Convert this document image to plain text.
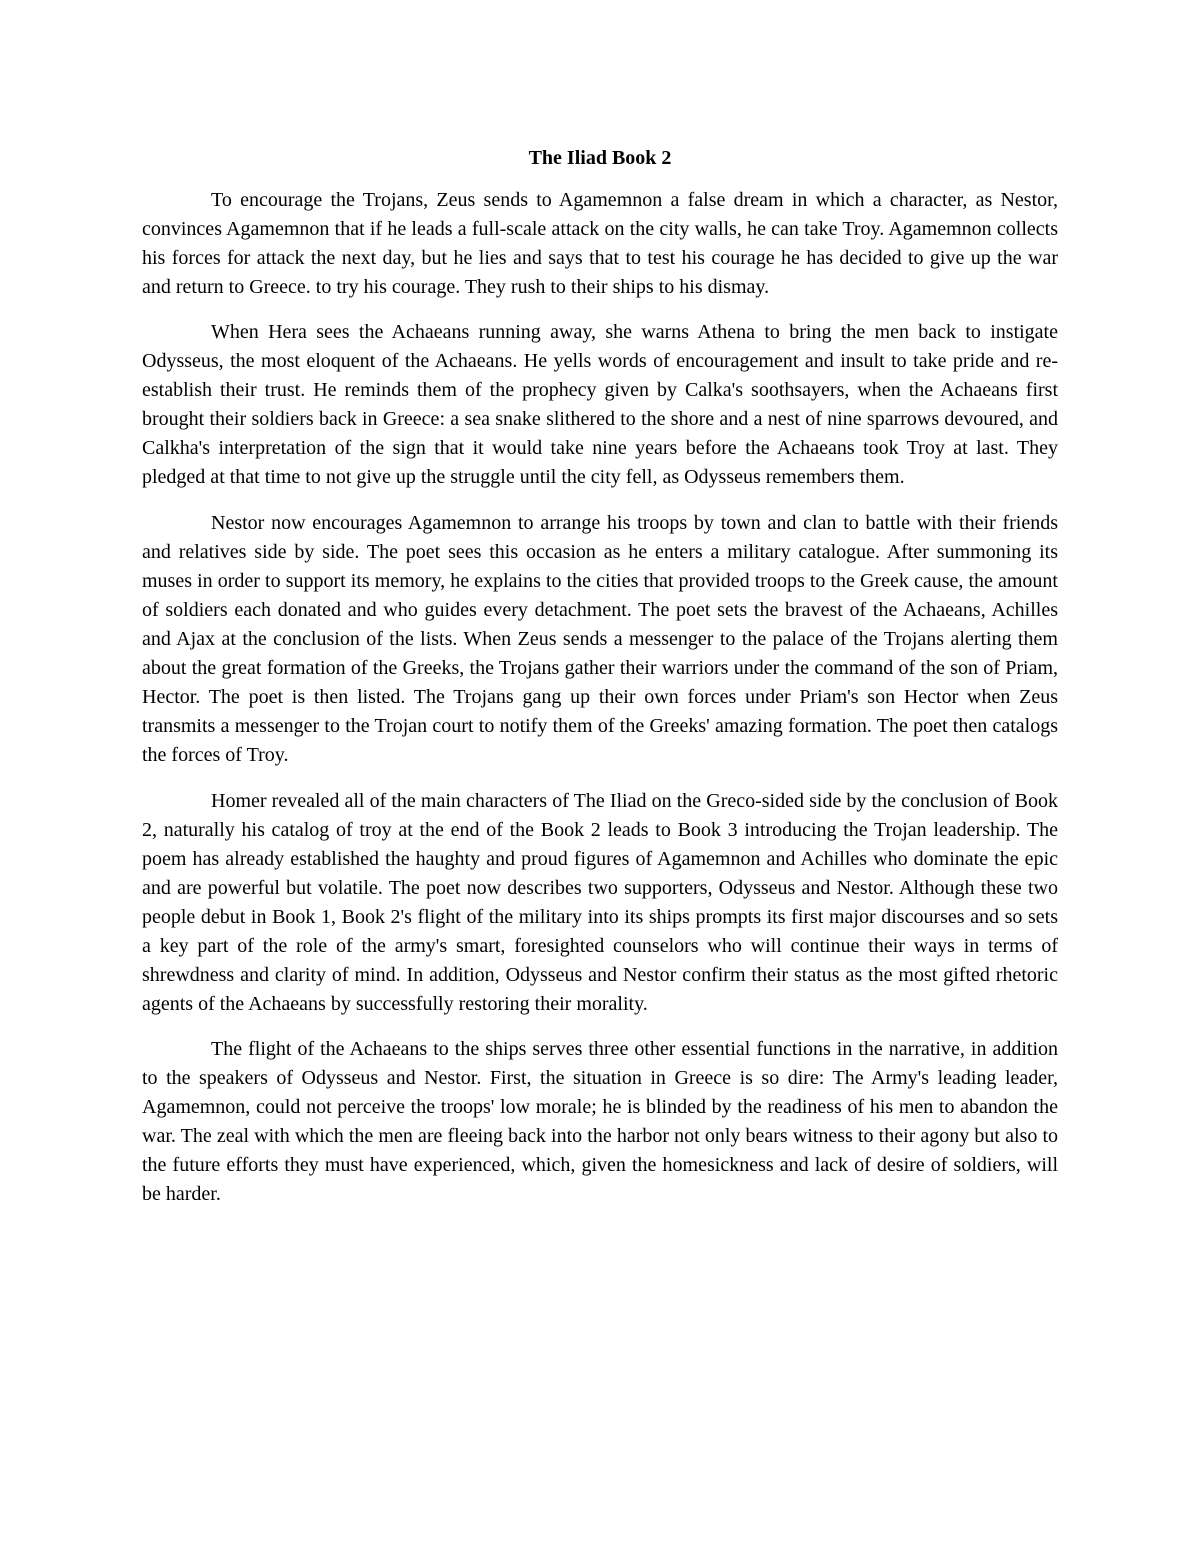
The Iliad Book 2

To encourage the Trojans, Zeus sends to Agamemnon a false dream in which a character, as Nestor, convinces Agamemnon that if he leads a full-scale attack on the city walls, he can take Troy. Agamemnon collects his forces for attack the next day, but he lies and says that to test his courage he has decided to give up the war and return to Greece. to try his courage. They rush to their ships to his dismay.

When Hera sees the Achaeans running away, she warns Athena to bring the men back to instigate Odysseus, the most eloquent of the Achaeans. He yells words of encouragement and insult to take pride and re-establish their trust. He reminds them of the prophecy given by Calka's soothsayers, when the Achaeans first brought their soldiers back in Greece: a sea snake slithered to the shore and a nest of nine sparrows devoured, and Calkha's interpretation of the sign that it would take nine years before the Achaeans took Troy at last. They pledged at that time to not give up the struggle until the city fell, as Odysseus remembers them.

Nestor now encourages Agamemnon to arrange his troops by town and clan to battle with their friends and relatives side by side. The poet sees this occasion as he enters a military catalogue. After summoning its muses in order to support its memory, he explains to the cities that provided troops to the Greek cause, the amount of soldiers each donated and who guides every detachment. The poet sets the bravest of the Achaeans, Achilles and Ajax at the conclusion of the lists. When Zeus sends a messenger to the palace of the Trojans alerting them about the great formation of the Greeks, the Trojans gather their warriors under the command of the son of Priam, Hector. The poet is then listed. The Trojans gang up their own forces under Priam's son Hector when Zeus transmits a messenger to the Trojan court to notify them of the Greeks' amazing formation. The poet then catalogs the forces of Troy.

Homer revealed all of the main characters of The Iliad on the Greco-sided side by the conclusion of Book 2, naturally his catalog of troy at the end of the Book 2 leads to Book 3 introducing the Trojan leadership. The poem has already established the haughty and proud figures of Agamemnon and Achilles who dominate the epic and are powerful but volatile. The poet now describes two supporters, Odysseus and Nestor. Although these two people debut in Book 1, Book 2's flight of the military into its ships prompts its first major discourses and so sets a key part of the role of the army's smart, foresighted counselors who will continue their ways in terms of shrewdness and clarity of mind. In addition, Odysseus and Nestor confirm their status as the most gifted rhetoric agents of the Achaeans by successfully restoring their morality.

The flight of the Achaeans to the ships serves three other essential functions in the narrative, in addition to the speakers of Odysseus and Nestor. First, the situation in Greece is so dire: The Army's leading leader, Agamemnon, could not perceive the troops' low morale; he is blinded by the readiness of his men to abandon the war. The zeal with which the men are fleeing back into the harbor not only bears witness to their agony but also to the future efforts they must have experienced, which, given the homesickness and lack of desire of soldiers, will be harder.
